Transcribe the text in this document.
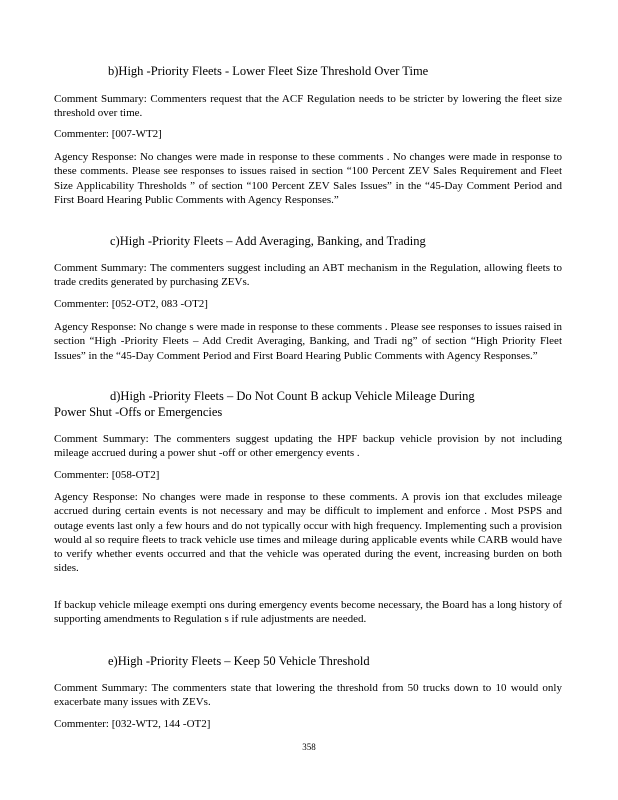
b)High -Priority Fleets - Lower Fleet Size Threshold Over Time
Comment Summary: Commenters request that the ACF Regulation needs to be stricter by lowering the fleet size threshold over time.
Commenter: [007-WT2]
Agency Response: No changes were made in response to these comments . No changes were made in response to these comments. Please see responses to issues raised in section “100 Percent ZEV Sales Requirement and Fleet Size Applicability Thresholds ” of section “100 Percent ZEV Sales Issues” in the “45-Day Comment Period and First Board Hearing Public Comments with Agency Responses.”
c)High -Priority Fleets – Add Averaging, Banking, and Trading
Comment Summary: The commenters suggest including an ABT mechanism in the Regulation, allowing fleets to trade credits generated by purchasing ZEVs.
Commenter: [052-OT2, 083 -OT2]
Agency Response: No change s were made in response to these comments . Please see responses to issues raised in section “High -Priority Fleets – Add Credit Averaging, Banking, and Tradi ng” of section “High Priority Fleet Issues” in the “45-Day Comment Period and First Board Hearing Public Comments with Agency Responses.”
d)High -Priority Fleets – Do Not Count B ackup Vehicle Mileage During
Power Shut -Offs or Emergencies
Comment Summary: The commenters suggest updating the HPF backup vehicle provision by not including mileage accrued during a power shut -off or other emergency events .
Commenter: [058-OT2]
Agency Response: No changes were made in response to these comments. A provis ion that excludes mileage accrued during certain events is not necessary and may be difficult to implement and enforce . Most PSPS and outage events last only a few hours and do not typically occur with high frequency. Implementing such a provision would al so require fleets to track vehicle use times and mileage during applicable events while CARB would have to verify whether events occurred and that the vehicle was operated during the event, increasing burden on both sides.
If backup vehicle mileage exempti ons during emergency events become necessary, the Board has a long history of supporting amendments to Regulation s if rule adjustments are needed.
e)High -Priority Fleets – Keep 50 Vehicle Threshold
Comment Summary: The commenters state that lowering the threshold from 50 trucks down to 10 would only exacerbate many issues with ZEVs.
Commenter: [032-WT2, 144 -OT2]
358
